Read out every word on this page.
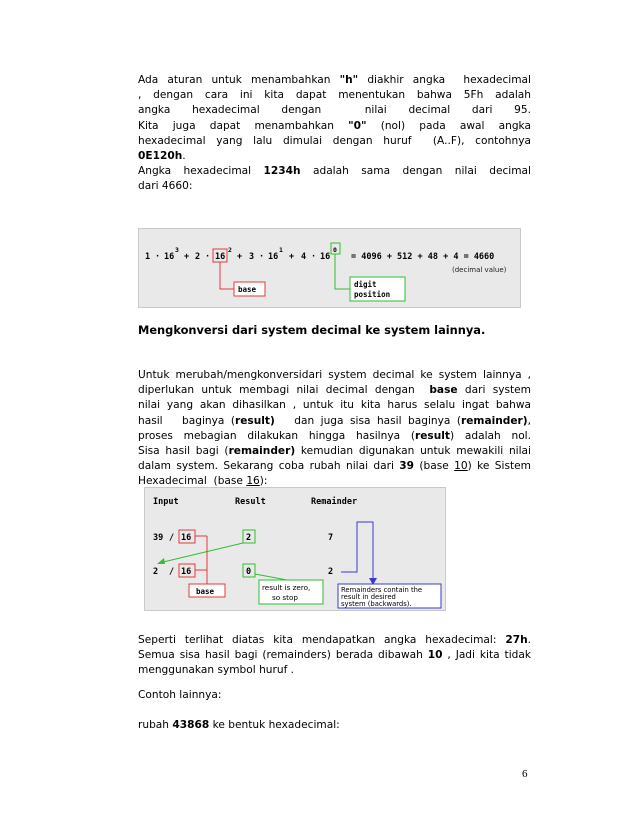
Ada aturan untuk menambahkan "h" diakhir angka  hexadecimal
, dengan cara ini kita dapat menentukan bahwa 5Fh adalah
angka    hexadecimal    dengan        nilai    decimal    dari    95.
Kita juga dapat menambahkan "0" (nol) pada awal angka
hexadecimal yang lalu dimulai dengan huruf  (A..F), contohnya
0E120h.
Angka hexadecimal 1234h adalah sama dengan nilai decimal
dari 4660:
1 · 16
3
+ 2 · 16
2
+ 3 · 16
1
+ 4 · 16
0
= 4096 + 512 + 48 + 4 = 4660
(decimal value)
base
digit
position
Mengkonversi dari system decimal ke system lainnya.
Untuk merubah/mengkonversidari system decimal ke system lainnya ,
diperlukan untuk membagi nilai decimal dengan  base dari system
nilai yang akan dihasilkan , untuk itu kita harus selalu ingat bahwa
hasil   baginya (result)   dan juga sisa hasil baginya (remainder),
proses mebagian dilakukan hingga hasilnya (result) adalah nol.
Sisa hasil bagi (remainder) kemudian digunakan untuk mewakili nilai
dalam system. Sekarang coba rubah nilai dari 39 (base 10) ke Sistem
Hexadecimal  (base 16):
Input	Result	Remainder
39 / 16	2	7
2 / 16	0	2
base	result is zero,
so stop
Remainders contain the
result in desired
system (backwards).
Seperti terlihat diatas kita mendapatkan angka hexadecimal: 27h.
Semua sisa hasil bagi (remainders) berada dibawah 10 , Jadi kita tidak
menggunakan symbol huruf .
Contoh lainnya:
rubah 43868 ke bentuk hexadecimal:
6
